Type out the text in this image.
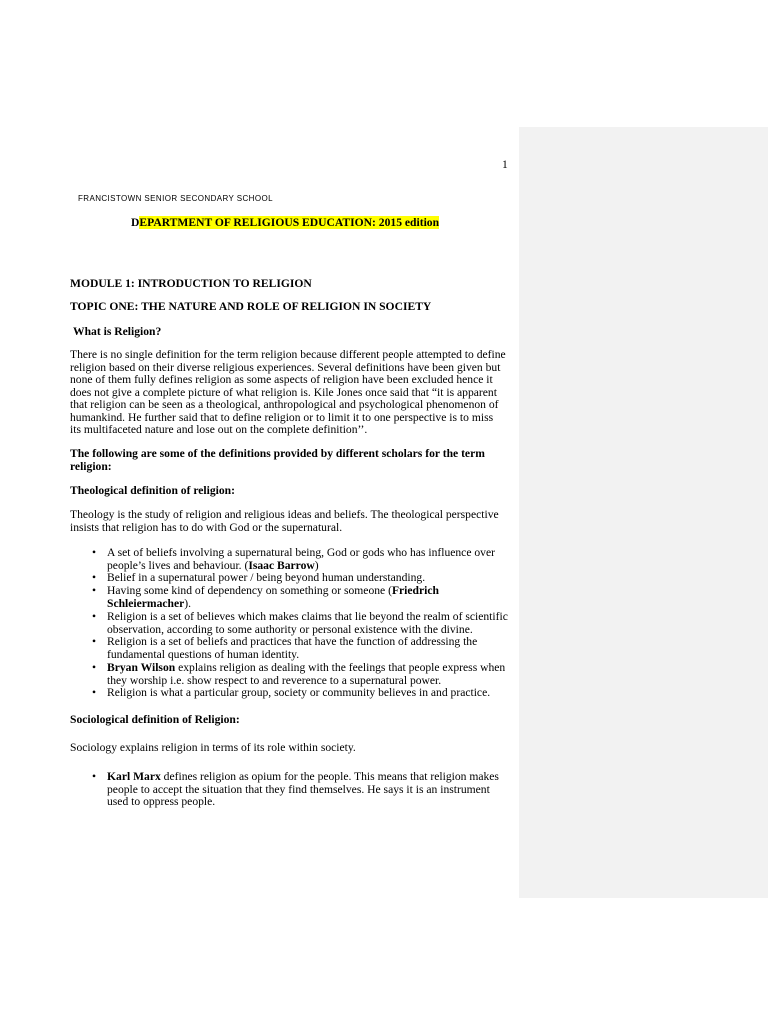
1
FRANCISTOWN SENIOR SECONDARY SCHOOL
DEPARTMENT OF RELIGIOUS EDUCATION: 2015 edition
MODULE 1: INTRODUCTION TO RELIGION
TOPIC ONE: THE NATURE AND ROLE OF RELIGION IN SOCIETY
What is Religion?
There is no single definition for the term religion because different people attempted to define
religion based on their diverse religious experiences. Several definitions have been given but
none of them fully defines religion as some aspects of religion have been excluded hence it
does not give a complete picture of what religion is. Kile Jones once said that “it is apparent
that religion can be seen as a theological, anthropological and psychological phenomenon of
humankind. He further said that to define religion or to limit it to one perspective is to miss
its multifaceted nature and lose out on the complete definition’’.
The following are some of the definitions provided by different scholars for the term
religion:
Theological definition of religion:
Theology is the study of religion and religious ideas and beliefs. The theological perspective
insists that religion has to do with God or the supernatural.
• A set of beliefs involving a supernatural being, God or gods who has influence over
people’s lives and behaviour. (Isaac Barrow)
• Belief in a supernatural power / being beyond human understanding.
• Having some kind of dependency on something or someone (Friedrich
Schleiermacher).
• Religion is a set of believes which makes claims that lie beyond the realm of scientific
observation, according to some authority or personal existence with the divine.
• Religion is a set of beliefs and practices that have the function of addressing the
fundamental questions of human identity.
• Bryan Wilson explains religion as dealing with the feelings that people express when
they worship i.e. show respect to and reverence to a supernatural power.
• Religion is what a particular group, society or community believes in and practice.
Sociological definition of Religion:
Sociology explains religion in terms of its role within society.
• Karl Marx defines religion as opium for the people. This means that religion makes
people to accept the situation that they find themselves. He says it is an instrument
used to oppress people.
